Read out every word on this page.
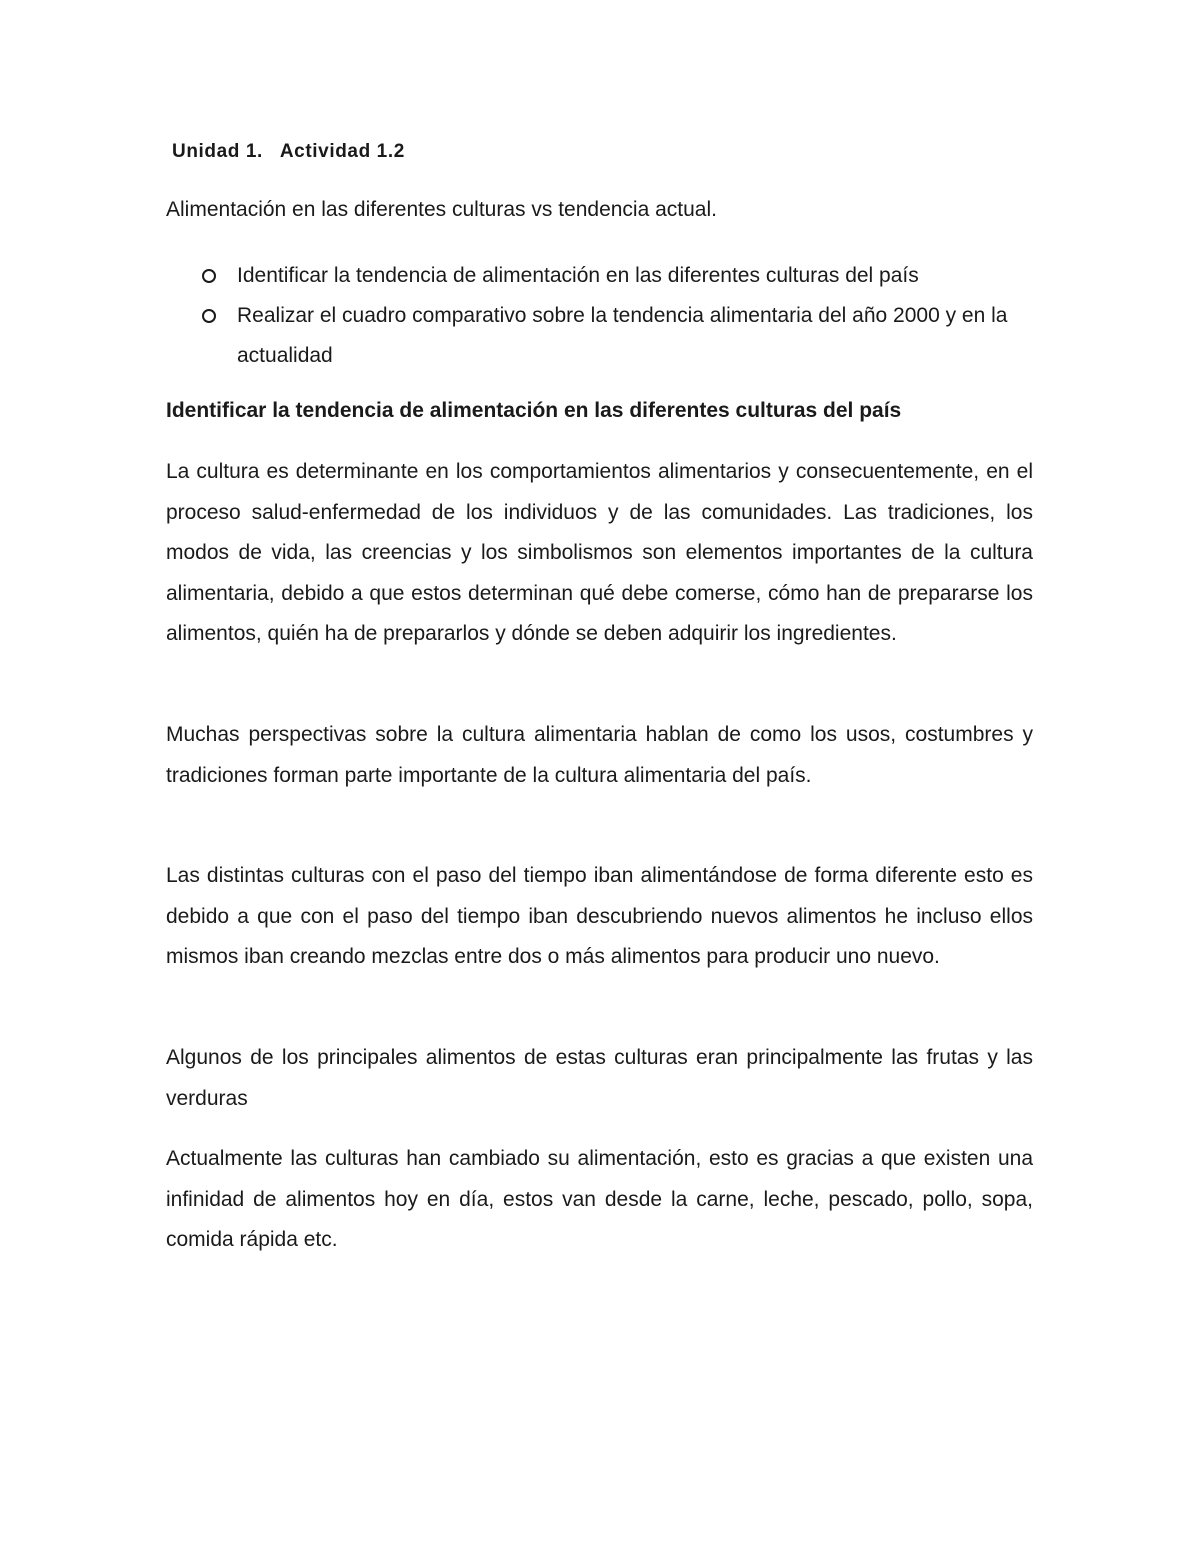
Unidad 1. Actividad 1.2
Alimentación en las diferentes culturas vs tendencia actual.
Identificar la tendencia de alimentación en las diferentes culturas del país
Realizar el cuadro comparativo sobre la tendencia alimentaria del año 2000 y en la actualidad
Identificar la tendencia de alimentación en las diferentes culturas del país

La cultura es determinante en los comportamientos alimentarios y consecuentemente, en el proceso salud-enfermedad de los individuos y de las comunidades. Las tradiciones, los modos de vida, las creencias y los simbolismos son elementos importantes de la cultura alimentaria, debido a que estos determinan qué debe comerse, cómo han de prepararse los alimentos, quién ha de prepararlos y dónde se deben adquirir los ingredientes.

Muchas perspectivas sobre la cultura alimentaria hablan de como los usos, costumbres y tradiciones forman parte importante de la cultura alimentaria del país.

Las distintas culturas con el paso del tiempo iban alimentándose de forma diferente esto es debido a que con el paso del tiempo iban descubriendo nuevos alimentos he incluso ellos mismos iban creando mezclas entre dos o más alimentos para producir uno nuevo.

Algunos de los principales alimentos de estas culturas eran principalmente las frutas y las verduras

Actualmente las culturas han cambiado su alimentación, esto es gracias a que existen una infinidad de alimentos hoy en día, estos van desde la carne, leche, pescado, pollo, sopa, comida rápida etc.
